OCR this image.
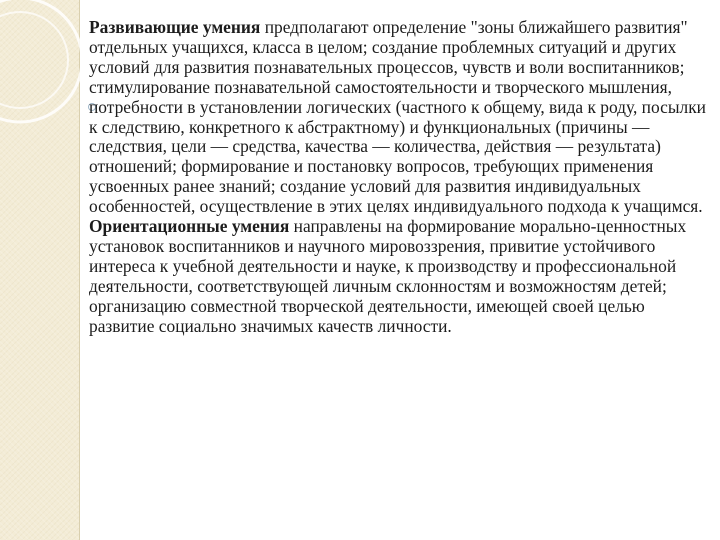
Развивающие умения предполагают определение "зоны ближайшего развития" отдельных учащихся, класса в целом; создание проблемных ситуаций и других условий для развития познавательных процессов, чувств и воли воспитанников; стимулирование познавательной самостоятельности и творческого мышления, потребности в установлении логических (частного к общему, вида к роду, посылки к следствию, конкретного к абстрактному) и функциональных (причины — следствия, цели — средства, качества — количества, действия — результата) отношений; формирование и постановку вопросов, требующих применения усвоенных ранее знаний; создание условий для развития индивидуальных особенностей, осуществление в этих целях индивидуального подхода к учащимся.

Ориентационные умения направлены на формирование морально-ценностных установок воспитанников и научного мировоззрения, привитие устойчивого интереса к учебной деятельности и науке, к производству и профессиональной деятельности, соответствующей личным склонностям и возможностям детей; организацию совместной творческой деятельности, имеющей своей целью развитие социально значимых качеств личности.
